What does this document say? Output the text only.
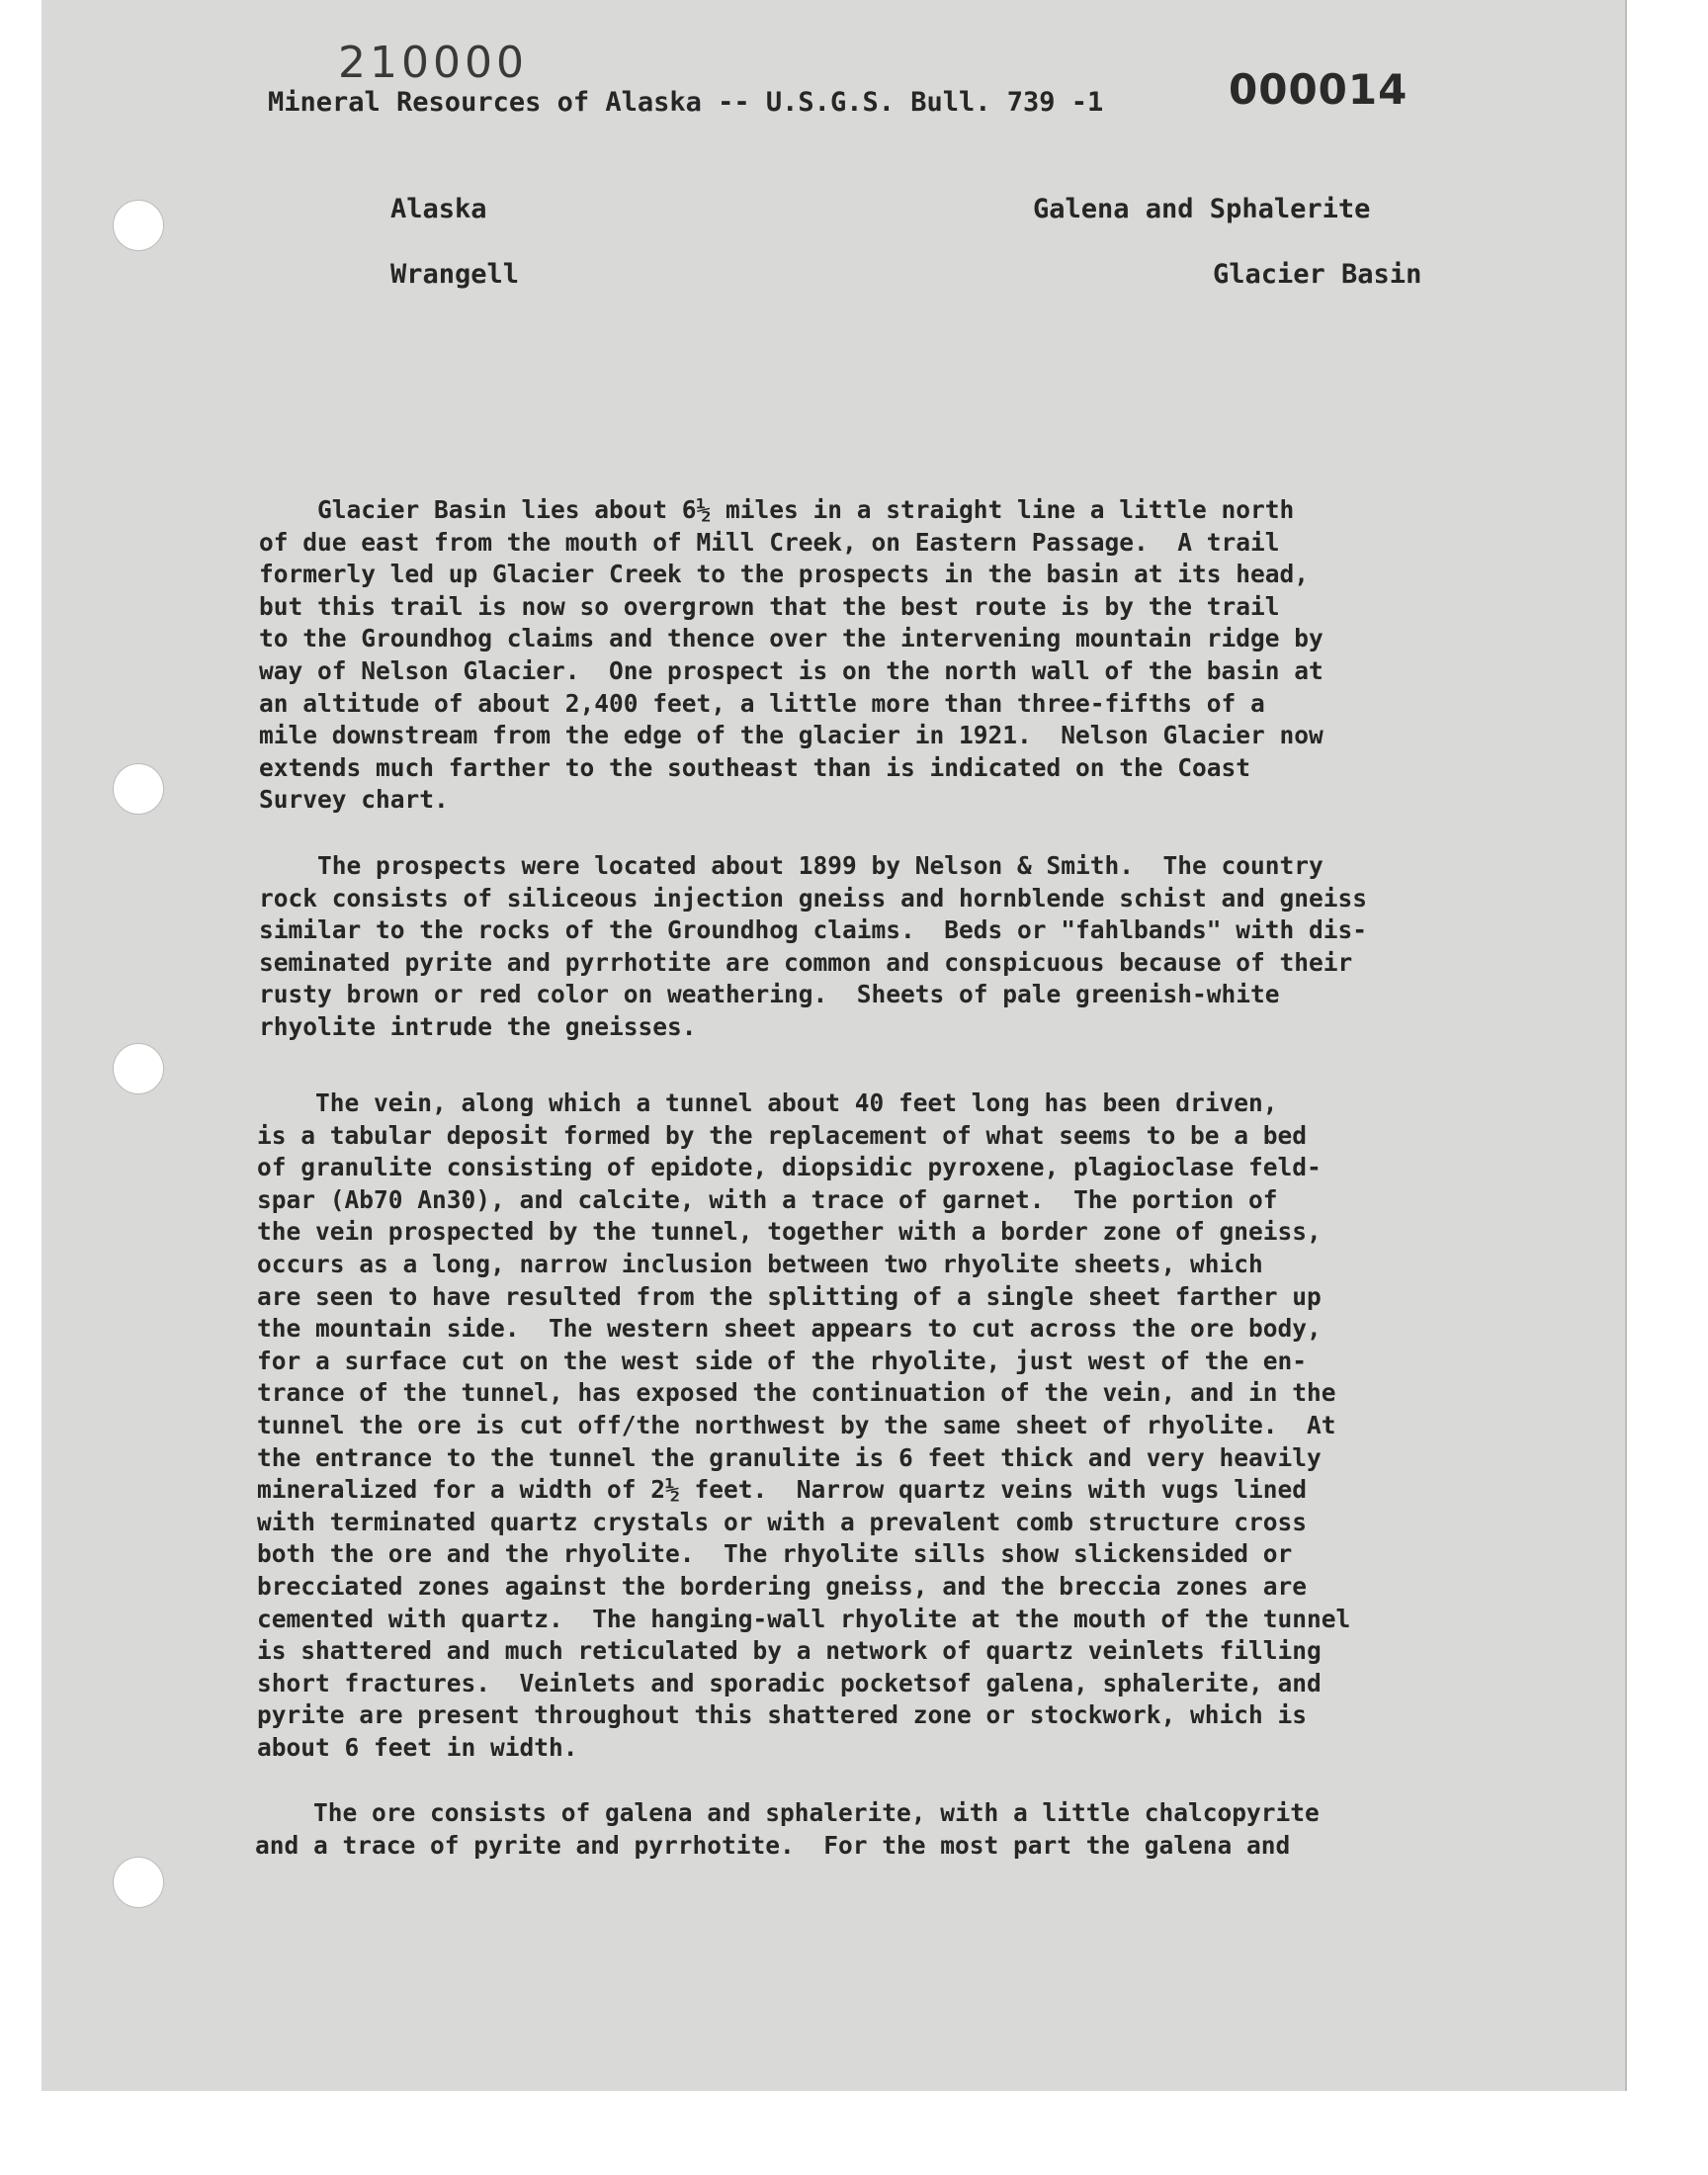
210000
000014

Mineral Resources of Alaska -- U.S.G.S. Bull. 739 -1

Alaska	Galena and Sphalerite

Wrangell	Glacier Basin

Glacier Basin lies about 6½ miles in a straight line a little north
of due east from the mouth of Mill Creek, on Eastern Passage.  A trail
formerly led up Glacier Creek to the prospects in the basin at its head,
but this trail is now so overgrown that the best route is by the trail
to the Groundhog claims and thence over the intervening mountain ridge by
way of Nelson Glacier.  One prospect is on the north wall of the basin at
an altitude of about 2,400 feet, a little more than three-fifths of a
mile downstream from the edge of the glacier in 1921.  Nelson Glacier now
extends much farther to the southeast than is indicated on the Coast
Survey chart.

The prospects were located about 1899 by Nelson & Smith.  The country
rock consists of siliceous injection gneiss and hornblende schist and gneiss
similar to the rocks of the Groundhog claims.  Beds or "fahlbands" with dis-
seminated pyrite and pyrrhotite are common and conspicuous because of their
rusty brown or red color on weathering.  Sheets of pale greenish-white
rhyolite intrude the gneisses.

The vein, along which a tunnel about 40 feet long has been driven,
is a tabular deposit formed by the replacement of what seems to be a bed
of granulite consisting of epidote, diopsidic pyroxene, plagioclase feld-
spar (Ab70 An30), and calcite, with a trace of garnet.  The portion of
the vein prospected by the tunnel, together with a border zone of gneiss,
occurs as a long, narrow inclusion between two rhyolite sheets, which
are seen to have resulted from the splitting of a single sheet farther up
the mountain side.  The western sheet appears to cut across the ore body,
for a surface cut on the west side of the rhyolite, just west of the en-
trance of the tunnel, has exposed the continuation of the vein, and in the
tunnel the ore is cut off/the northwest by the same sheet of rhyolite.  At
the entrance to the tunnel the granulite is 6 feet thick and very heavily
mineralized for a width of 2½ feet.  Narrow quartz veins with vugs lined
with terminated quartz crystals or with a prevalent comb structure cross
both the ore and the rhyolite.  The rhyolite sills show slickensided or
brecciated zones against the bordering gneiss, and the breccia zones are
cemented with quartz.  The hanging-wall rhyolite at the mouth of the tunnel
is shattered and much reticulated by a network of quartz veinlets filling
short fractures.  Veinlets and sporadic pocketsof galena, sphalerite, and
pyrite are present throughout this shattered zone or stockwork, which is
about 6 feet in width.

The ore consists of galena and sphalerite, with a little chalcopyrite
and a trace of pyrite and pyrrhotite.  For the most part the galena and
